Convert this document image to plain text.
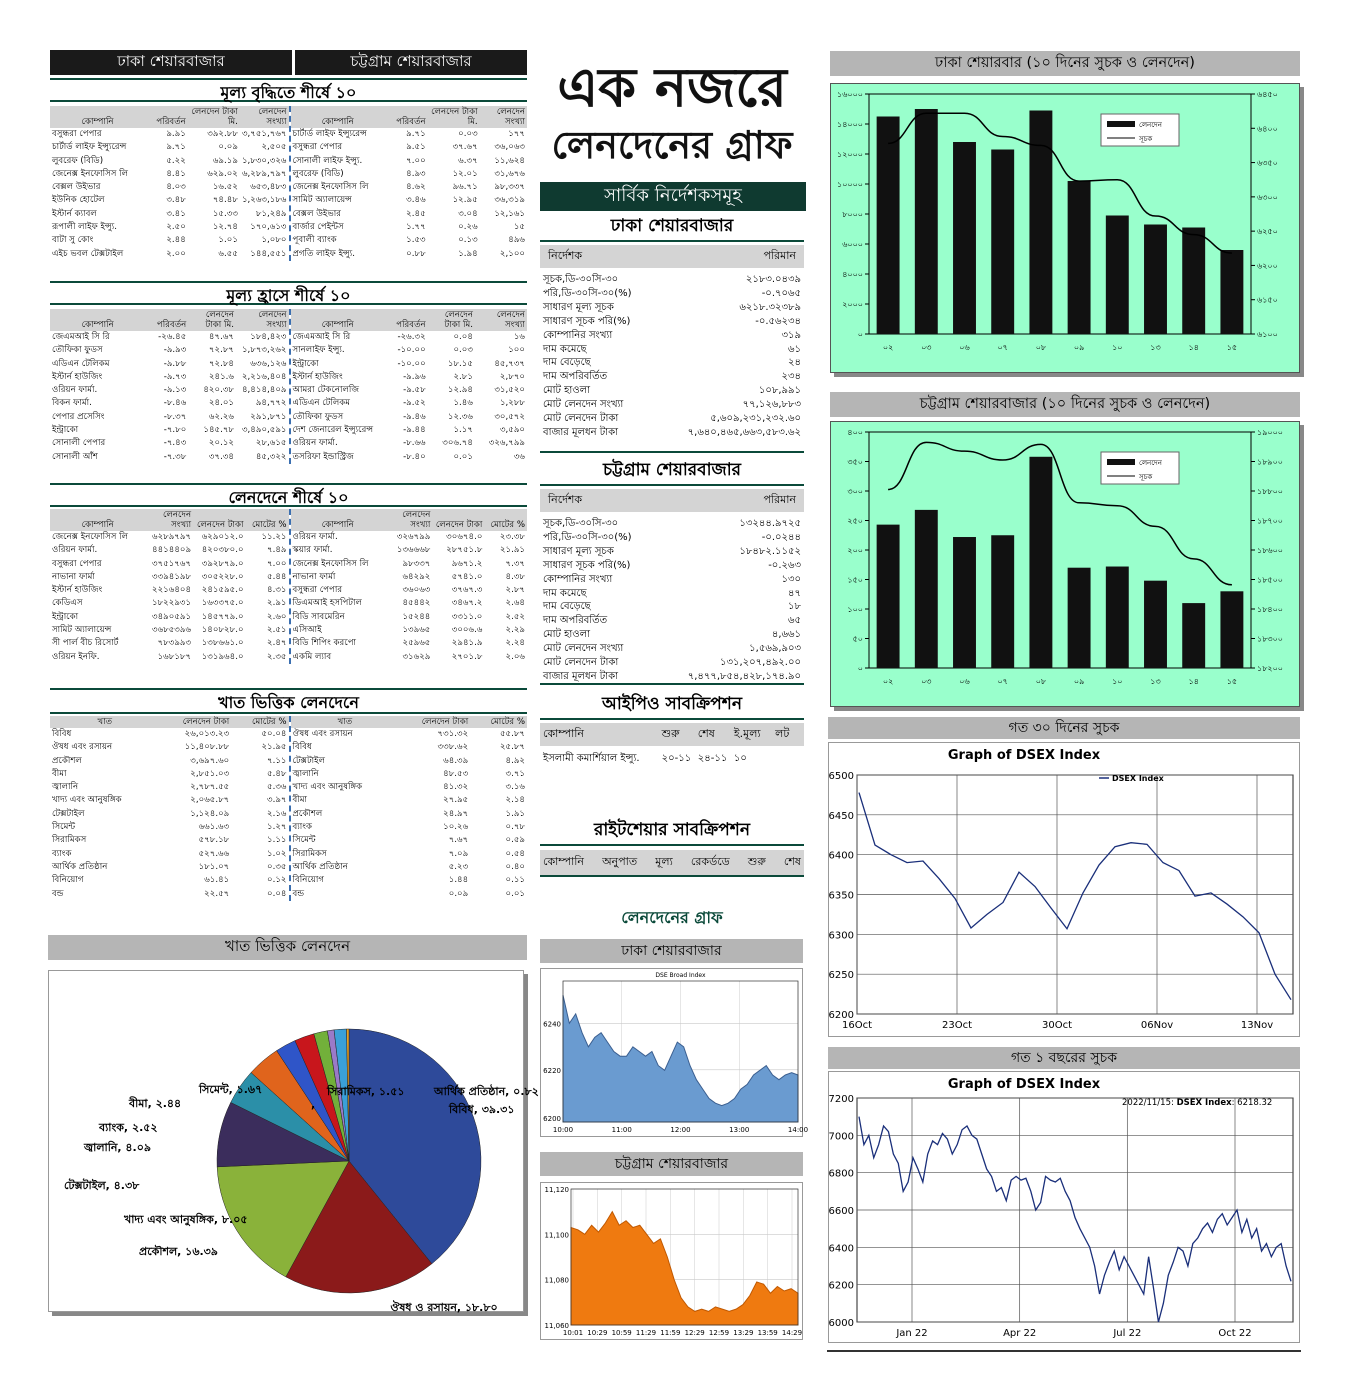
ঢাকা শেয়ারবাজার	চট্টগ্রাম শেয়ারবাজার
মূল্য বৃদ্ধিতে শীর্ষে ১০
কোম্পানি	পরিবর্তন	লেনদেন টাকা মি.	লেনদেন সংখ্যা
বসুন্ধরা পেপার	৯.৯১	৩৯২.৮৮	৩,৭৫১,৭৬৭
চার্টার্ড লাইফ ইন্স্যুরেন্স	৯.৭১	০.০৯	২,৫০৫
লুবরেফ (বিডি)	৫.২২	৬৯.১৯	১,৮৩০,৩২৬
জেনেক্স ইনফোসিস লি	৪.৪১	৬২৯.০২	৬,২৮৯,৭৯৭
বেক্সল উইভার	৪.০৩	১৬.৫২	৬৫৩,৪৮৩
ইউনিক হোটেল	৩.৪৮	৭৪.৪৮	১,২৬৩,১৮৬
ইস্টার্ন ক্যাবল	৩.৪১	১৫.৩৩	৮১,২৪৯
রূপালী লাইফ ইন্স্যু.	২.৫০	১২.৭৪	১৭০,৬১৩
বাটা সু কোং	২.৪৪	১.০১	১,০৮০
এইচ ভবল টেক্সটাইল	২.০০	৬.৫৫	১৪৪,৫৫১
কোম্পানি	পরিবর্তন	লেনদেন টাকা মি.	লেনদেন সংখ্যা
চার্টার্ড লাইফ ইন্স্যুরেন্স	৯.৭১	০.০৩	১৭৭
বসুন্ধরা পেপার	৯.৫১	৩৭.৬৭	৩৬,০৬৩
সোনালী লাইফ ইন্স্যু.	৭.০০	৬.৩৭	১১,৬২৪
লুবরেফ (বিডি)	৪.৯৩	১২.০১	৩১,৬৭৬
জেনেক্স ইনফোসিস লি	৪.৬২	৯৬.৭১	৯৮,৩৩৭
সামিট অ্যালায়েন্স	৩.৪৬	১২.৯৫	৩৬,৩১৯
বেক্সল উইভার	২.৪৫	৩.০৪	১২,১৬১
বার্জার পেইন্টস	১.৭৭	০.২৬	১৫
পূবালী ব্যাংক	১.৫৩	০.১৩	৪৯৬
প্রগতি লাইফ ইন্স্যু.	০.৮৮	১.৯৪	২,১০০
মূল্য হ্রাসে শীর্ষে ১০
কোম্পানি	পরিবর্তন	লেনদেন টাকা মি.	লেনদেন সংখ্যা
জেএমআই সি রি	-২৬.৪৫	৪৭.৬৭	১৮৪,৪২৩
তৌফিকা ফুডস	-৯.৯৩	৭২.৮৭	১,৮৭৩,২৬২
এডিএন টেলিকম	-৯.৮৮	৭২.৮৪	৬৩৬,১২৬
ইস্টার্ন হাউজিং	-৯.৭৩	২৪১.৬	২,২১৬,৪০৪
ওরিয়ন ফার্মা.	-৯.১৩	৪২০.৩৮	৪,৪১৪,৪০৯
বিকন ফার্মা.	-৮.৪৬	২৪.০১	৯৪,৭৭২
পেপার প্রসেসিং	-৮.৩৭	৬২.২৬	২৯১,৮৭১
ইন্ট্রাকো	-৭.৮০	১৪৫.৭৮	৩,৪৯০,৫৯১
সোনালী পেপার	-৭.৪৩	২০.১২	২৮,৬১৫
সোনালী আঁশ	-৭.৩৮	৩৭.৩৪	৪৫,৩২২
কোম্পানি	পরিবর্তন	লেনদেন টাকা মি.	লেনদেন সংখ্যা
জেএমআই সি রি	-২৬.৩২	০.০৪	১৬
সানলাইফ ইন্স্যু.	-১০.০০	০.০৩	১০০
ইন্ট্রাকো	-১০.০০	১৮.১৫	৪৫,৭৩৭
ইস্টার্ন হাউজিং	-৯.৯৬	২.৮১	২,৮৭০
আমরা টেকনোলজি	-৯.৫৮	১২.৯৪	৩১,৫২০
এডিএন টেলিকম	-৯.৫২	১.৪৬	১,২৮৮
তৌফিকা ফুডস	-৯.৪৬	১২.৩৬	৩০,৫৭২
দেশ জেনারেল ইন্স্যুরেন্স	-৯.৪৪	১.১৭	৩,৫৯০
ওরিয়ন ফার্মা.	-৮.৬৬	৩০৬.৭৪	৩২৬,৭৯৯
তসরিফা ইন্ডাস্ট্রিজ	-৮.৪০	০.০১	৩৬
লেনদেনে শীর্ষে ১০
কোম্পানি	লেনদেন সংখ্যা	লেনদেন টাকা	মোটের %
জেনেক্স ইনফোসিস লি	৬২৮৯৭৯৭	৬২৯০১২.০	১১.২১
ওরিয়ন ফার্মা.	৪৪১৪৪০৯	৪২০৩৮০.০	৭.৪৯
বসুন্ধরা পেপার	৩৭৫১৭৬৭	৩৯২৮৭৯.০	৭.০০
নাভানা ফার্মা	৩৩৯৪১৯৮	৩০৫২২৮.০	৫.৪৪
ইস্টার্ন হাউজিং	২২১৬৪০৪	২৪১৫৯৫.০	৪.৩১
কেডিএস	১৮২২৯৩১	১৬৩৩৭৫.০	২.৯১
ইন্ট্রাকো	৩৪৯০৫৯১	১৪৫৭৭৯.০	২.৬০
সামিট অ্যালায়েন্স	৩৬৮৫৩৯৬	১৪০৮২৮.০	২.৫১
সী পার্ল বীচ রিসোর্ট	৭৮৩৯৯৩	১৩৮৬৬১.০	২.৪৭
ওরিয়ন ইনফি.	১৬৮১৮৭	১৩১৯৬৪.০	২.৩৫
কোম্পানি	লেনদেন সংখ্যা	লেনদেন টাকা	মোটের %
ওরিয়ন ফার্মা.	৩২৬৭৯৯	৩০৬৭৪.০	২৩.৩৮
স্কয়ার ফার্মা.	১৩৬৬৬৮	২৮৭৫১.৮	২১.৯১
জেনেক্স ইনফোসিস লি	৯৮৩৩৭	৯৬৭১.২	৭.৩৭
নাভানা ফার্মা	৬৪২৯২	৫৭৪১.০	৪.৩৮
বসুন্ধরা পেপার	৩৬০৬৩	৩৭৬৭.৩	২.৮৭
ডিএমআই হসপিটাল	৪৫৪৪২	৩৪৬৭.২	২.৬৪
বিডি সাবমেরিন	১৫২৪৪	৩৩১১.০	২.৫২
এসিআই	১৩৯৬৫	৩০০৬.৬	২.২৯
বিডি শিপিং করপো	২৫৯৬৫	২৯৪১.৯	২.২৪
একমি ল্যাব	৩১৬২৯	২৭০১.৮	২.০৬
খাত ভিত্তিক লেনদেনে
খাত	লেনদেন টাকা	মোটের %
বিবিধ	২৬,০১৩.২৩	৫০.০৪
ঔষধ এবং রসায়ন	১১,৪০৮.৮৮	২১.৯৫
প্রকৌশল	৩,৬৯৭.৬০	৭.১১
বীমা	২,৮৫১.০৩	৫.৪৮
জ্বালানি	২,৭৮৭.৫৫	৫.৩৬
খাদ্য এবং আনুষঙ্গিক	২,০৬৫.৮৭	৩.৯৭
টেক্সটাইল	১,১২৪.০৯	২.১৬
সিমেন্ট	৬৬১.৬৩	১.২৭
সিরামিকস	৫৭৮.১৮	১.১১
ব্যাংক	৫২৭.৬৬	১.০২
আর্থিক প্রতিষ্ঠান	১৮১.০৭	০.৩৫
বিনিয়োগ	৬১.৪১	০.১২
বন্ড	২২.৫৭	০.০৪
খাত	লেনদেন টাকা	মোটের %
ঔষধ এবং রসায়ন	৭৩১.৩২	৫৫.৮৭
বিবিধ	৩৩৮.৬২	২৫.৮৭
টেক্সটাইল	৬৪.৩৯	৪.৯২
জ্বালানি	৪৮.৫৩	৩.৭১
খাদ্য এবং আনুষঙ্গিক	৪১.৩২	৩.১৬
বীমা	২৭.৯৫	২.১৪
প্রকৌশল	২৪.৯৭	১.৯১
ব্যাংক	১০.২৬	০.৭৮
সিমেন্ট	৭.৬৭	০.৫৯
সিরামিকস	৭.০৯	০.৫৪
আর্থিক প্রতিষ্ঠান	৫.২৩	০.৪০
বিনিয়োগ	১.৪৪	০.১১
বন্ড	০.০৯	০.০১
খাত ভিত্তিক লেনদেন
বিবিধ, ৩৯.৩১
ঔষধ ও রসায়ন, ১৮.৮০
প্রকৌশল, ১৬.৩৯
খাদ্য এবং আনুষঙ্গিক, ৮.০৫
টেক্সটাইল, ৪.৩৮
জ্বালানি, ৪.০৯
ব্যাংক, ২.৫২
বীমা, ২.৪৪
সিমেন্ট, ১.৬৭	আর্থিক প্রতিষ্ঠান, ০.৮২
সিরামিকস, ১.৫১
,
এক নজরে
লেনদেনের গ্রাফ
সার্বিক নির্দেশকসমূহ
ঢাকা শেয়ারবাজার
নির্দেশক	পরিমান
সূচক,ডি-৩০সি-৩০	২১৮৩.০৪৩৯
পরি,ডি-৩০সি-৩০(%)	-০.৭০৬৫
সাধারণ মূল্য সূচক	৬২১৮.৩২৩৮৯
সাধারণ সূচক পরি(%)	-০.৫৬২৩৪
কোম্পানির সংখ্যা	৩১৯
দাম কমেছে	৬১
দাম বেড়েছে	২৪
দাম অপরিবর্তিত	২৩৪
মোট হাওলা	১০৮,৯৯১
মোট লেনদেন সংখ্যা	৭৭,১২৬,৮৮৩
মোট লেনদেন টাকা	৫,৬০৯,২৩১,২৩২.৬০
বাজার মূলধন টাকা	৭,৬৪০,৪৬৫,৬৬৩,৫৮৩.৬২
চট্টগ্রাম শেয়ারবাজার
নির্দেশক	পরিমান
সূচক,ডি-৩০সি-৩০	১৩২৪৪.৯৭২৫
পরি,ডি-৩০সি-৩০(%)	-০.০২৪৪
সাধারণ মূল্য সূচক	১৮৪৮২.১১৫২
সাধারণ সূচক পরি(%)	-০.২৬৩
কোম্পানির সংখ্যা	১৩০
দাম কমেছে	৪৭
দাম বেড়েছে	১৮
দাম অপরিবর্তিত	৬৫
মোট হাওলা	৪,৬৬১
মোট লেনদেন সংখ্যা	১,৫৬৯,৯০৩
মোট লেনদেন টাকা	১৩১,২০৭,৪৯২.০০
বাজার মূলধন টাকা	৭,৪৭৭,৮৫৪,৪২৮,১৭৪.৯০
আইপিও সাবক্রিপশন
কোম্পানি	শুরু	শেষ	ই.মূল্য	লট
ইসলামী কমার্শিয়াল ইন্স্যু.	২০-১১ ২৪-১১ ১০
রাইটশেয়ার সাবক্রিপশন
কোম্পানি অনুপাত মূল্য রেকর্ডডে শুরু শেষ
লেনদেনের গ্রাফ
ঢাকা শেয়ারবাজার
DSE Broad Index
6200
6220
6240
10:00	11:00	12:00	13:00	14:00
চট্টগ্রাম শেয়ারবাজার
11,060
11,080
11,100
11,120
10:01 10:29 10:59 11:29 11:59 12:29 12:59 13:29 13:59 14:29
ঢাকা শেয়ারবার (১০ দিনের সুচক ও লেনদেন)
০
২০০০
৪০০০
৬০০০
৮০০০
১০০০০
১২০০০
১৪০০০
১৬০০০
৬১০০
৬১৫০
৬২০০
৬২৫০
৬৩০০
৬৩৫০
৬৪০০
৬৪৫০
০২	০৩	০৬	০৭	০৮	০৯	১০	১৩	১৪	১৫
লেনদেন
সূচক
চট্টগ্রাম শেয়ারবাজার (১০ দিনের সুচক ও লেনদেন)
০
৫০
১০০
১৫০
২০০
২৫০
৩০০
৩৫০
৪০০
১৮২০০
১৮৩০০
১৮৪০০
১৮৫০০
১৮৬০০
১৮৭০০
১৮৮০০
১৮৯০০
১৯০০০
০২	০৩	০৬	০৭	০৮	০৯	১০	১৩	১৪	১৫
লেনদেন
সূচক
গত ৩০ দিনের সুচক
Graph of DSEX Index
6200
6250
6300
6350
6400
6450
6500
16Oct	23Oct	30Oct	06Nov	13Nov
DSEX Index
গত ১ বছরের সুচক
Graph of DSEX Index
6000
6200
6400
6600
6800
7000
7200
Jan 22	Apr 22	Jul 22	Oct 22
2022/11/15: DSEX Index: 6218.32
